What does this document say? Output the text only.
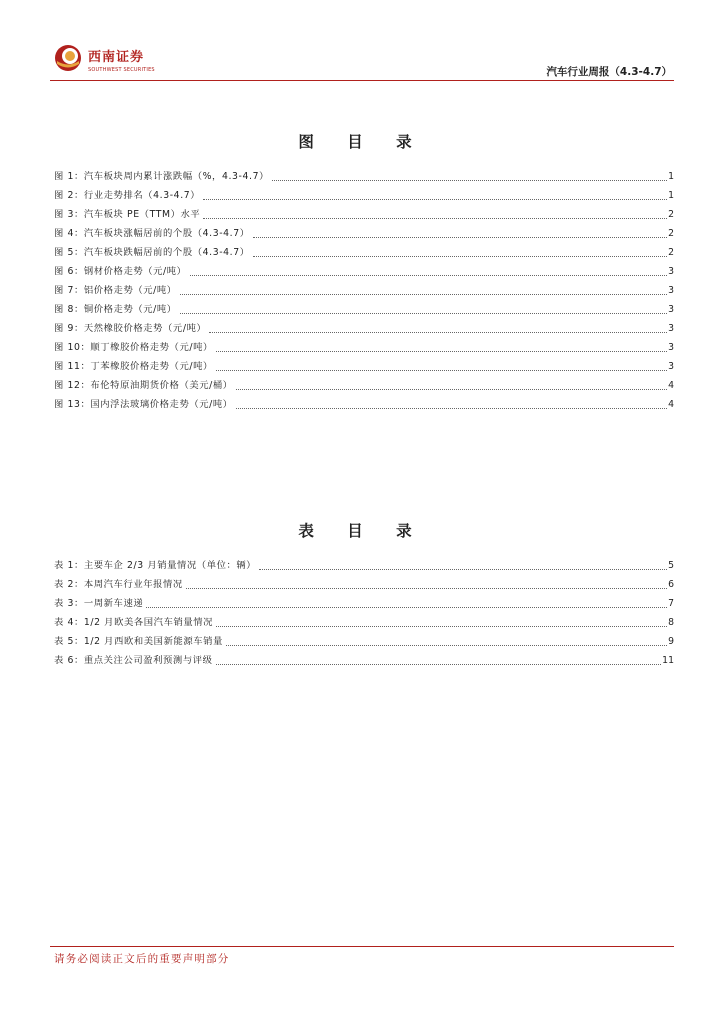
西南证券
SOUTHWEST SECURITIES	汽车行业周报（4.3-4.7）
图 目 录
图 1：汽车板块周内累计涨跌幅（%，4.3-4.7）	1
图 2：行业走势排名（4.3-4.7）	1
图 3：汽车板块 PE（TTM）水平	2
图 4：汽车板块涨幅居前的个股（4.3-4.7）	2
图 5：汽车板块跌幅居前的个股（4.3-4.7）	2
图 6：钢材价格走势（元/吨）	3
图 7：铝价格走势（元/吨）	3
图 8：铜价格走势（元/吨）	3
图 9：天然橡胶价格走势（元/吨）	3
图 10：顺丁橡胶价格走势（元/吨）	3
图 11：丁苯橡胶价格走势（元/吨）	3
图 12：布伦特原油期货价格（美元/桶）	4
图 13：国内浮法玻璃价格走势（元/吨）	4
表 目 录
表 1：主要车企 2/3 月销量情况（单位：辆）	5
表 2：本周汽车行业年报情况	6
表 3：一周新车速递	7
表 4：1/2 月欧美各国汽车销量情况	8
表 5：1/2 月西欧和美国新能源车销量	9
表 6：重点关注公司盈利预测与评级	11
请务必阅读正文后的重要声明部分
